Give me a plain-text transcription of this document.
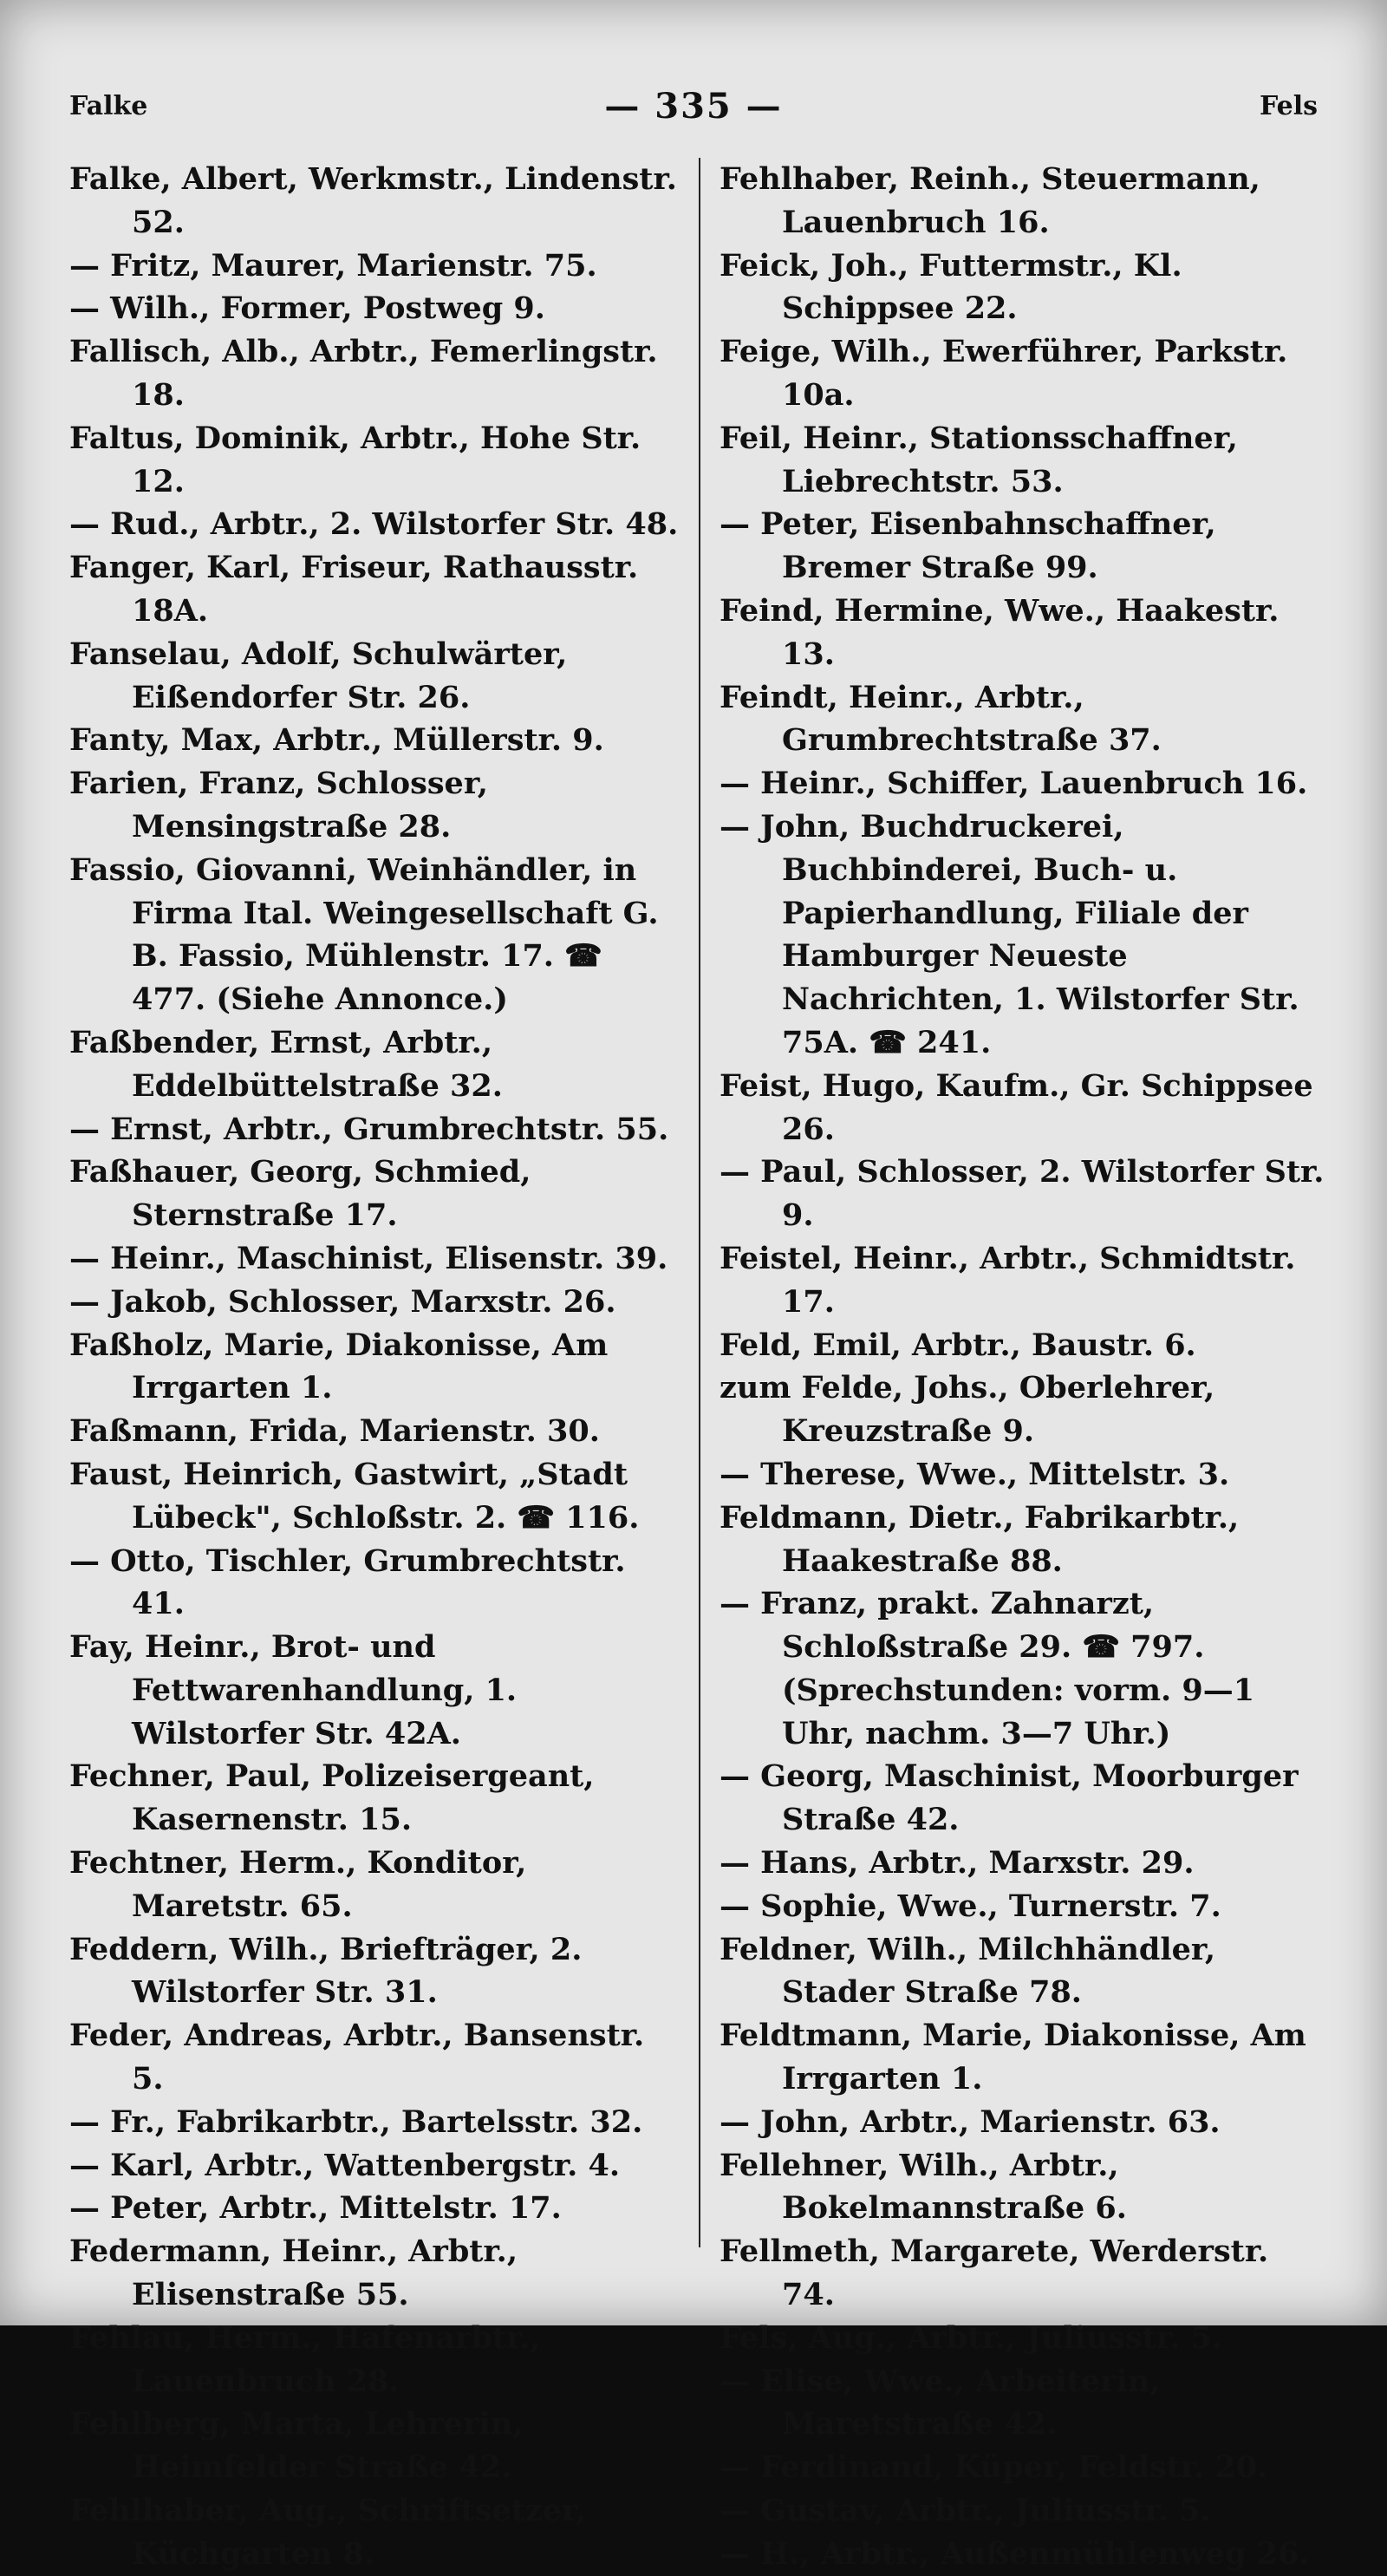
Falke	— 335 —	Fels

Falke, Albert, Werkmstr., Lindenstr. 52.

— Fritz, Maurer, Marienstr. 75.

— Wilh., Former, Postweg 9.

Fallisch, Alb., Arbtr., Femerlingstr. 18.

Faltus, Dominik, Arbtr., Hohe Str. 12.

— Rud., Arbtr., 2. Wilstorfer Str. 48.

Fanger, Karl, Friseur, Rathausstr. 18A.

Fanselau, Adolf, Schulwärter, Eißendorfer Str. 26.

Fanty, Max, Arbtr., Müllerstr. 9.

Farien, Franz, Schlosser, Mensingstraße 28.

Fassio, Giovanni, Weinhändler, in Firma Ital. Weingesellschaft G. B. Fassio, Mühlenstr. 17. ☎ 477. (Siehe Annonce.)

Faßbender, Ernst, Arbtr., Eddelbüttelstraße 32.

— Ernst, Arbtr., Grumbrechtstr. 55.

Faßhauer, Georg, Schmied, Sternstraße 17.

— Heinr., Maschinist, Elisenstr. 39.

— Jakob, Schlosser, Marxstr. 26.

Faßholz, Marie, Diakonisse, Am Irrgarten 1.

Faßmann, Frida, Marienstr. 30.

Faust, Heinrich, Gastwirt, „Stadt Lübeck", Schloßstr. 2. ☎ 116.

— Otto, Tischler, Grumbrechtstr. 41.

Fay, Heinr., Brot- und Fettwarenhandlung, 1. Wilstorfer Str. 42A.

Fechner, Paul, Polizeisergeant, Kasernenstr. 15.

Fechtner, Herm., Konditor, Maretstr. 65.

Feddern, Wilh., Briefträger, 2. Wilstorfer Str. 31.

Feder, Andreas, Arbtr., Bansenstr. 5.

— Fr., Fabrikarbtr., Bartelsstr. 32.

— Karl, Arbtr., Wattenbergstr. 4.

— Peter, Arbtr., Mittelstr. 17.

Federmann, Heinr., Arbtr., Elisenstraße 55.

Fehlau, Herm., Hafenarbtr., Lauenbruch 28.

Fehlberg, Marta, Lehrerin, Heimfelder Straße 42.

Fehlhaber, Aug., Schriftsetzer, Küchgarten 8.

Fehlhaber, Reinh., Steuermann, Lauenbruch 16.

Feick, Joh., Futtermstr., Kl. Schippsee 22.

Feige, Wilh., Ewerführer, Parkstr. 10a.

Feil, Heinr., Stationsschaffner, Liebrechtstr. 53.

— Peter, Eisenbahnschaffner, Bremer Straße 99.

Feind, Hermine, Wwe., Haakestr. 13.

Feindt, Heinr., Arbtr., Grumbrechtstraße 37.

— Heinr., Schiffer, Lauenbruch 16.

— John, Buchdruckerei, Buchbinderei, Buch- u. Papierhandlung, Filiale der Hamburger Neueste Nachrichten, 1. Wilstorfer Str. 75A. ☎ 241.

Feist, Hugo, Kaufm., Gr. Schippsee 26.

— Paul, Schlosser, 2. Wilstorfer Str. 9.

Feistel, Heinr., Arbtr., Schmidtstr. 17.

Feld, Emil, Arbtr., Baustr. 6.

zum Felde, Johs., Oberlehrer, Kreuzstraße 9.

— Therese, Wwe., Mittelstr. 3.

Feldmann, Dietr., Fabrikarbtr., Haakestraße 88.

— Franz, prakt. Zahnarzt, Schloßstraße 29. ☎ 797. (Sprechstunden: vorm. 9—1 Uhr, nachm. 3—7 Uhr.)

— Georg, Maschinist, Moorburger Straße 42.

— Hans, Arbtr., Marxstr. 29.

— Sophie, Wwe., Turnerstr. 7.

Feldner, Wilh., Milchhändler, Stader Straße 78.

Feldtmann, Marie, Diakonisse, Am Irrgarten 1.

— John, Arbtr., Marienstr. 63.

Fellehner, Wilh., Arbtr., Bokelmannstraße 6.

Fellmeth, Margarete, Werderstr. 74.

Fels, Aug., Arbtr., Juliusstr. 5.

— Elise, Wwe., Arbeiterin, Maretstraße 42.

— Ferdinand, Küper, Feldstr. 20.

— Gustav, Arbtr., Juliusstr. 5.

— H., Arbtr., Außenmühlenweg 26.
